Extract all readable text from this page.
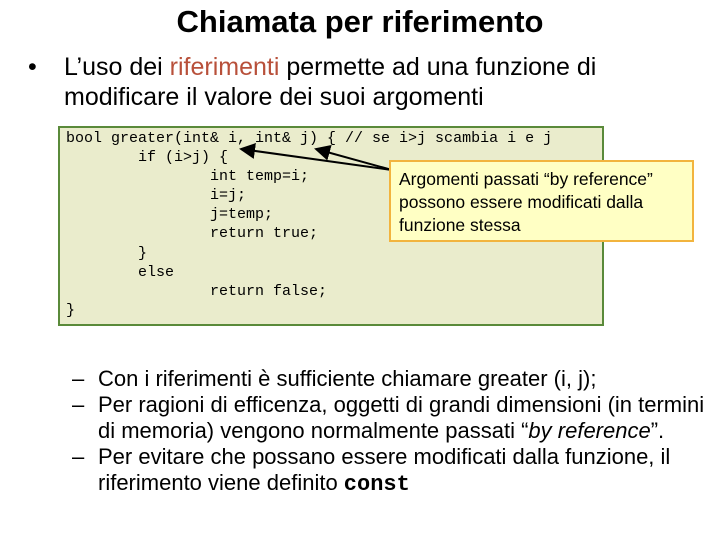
Chiamata per riferimento
•	L’uso dei riferimenti permette ad una funzione di modificare il valore dei suoi argomenti
bool greater(int& i, int& j) { // se i>j scambia i e j
if (i>j) {
int temp=i;
i=j;
j=temp;
return true;
}
else
return false;
}
Argomenti passati “by reference” possono essere modificati dalla funzione stessa
– Con i riferimenti è sufficiente chiamare greater (i, j);
– Per ragioni di efficenza, oggetti di grandi dimensioni (in termini di memoria) vengono normalmente passati “by reference”.
– Per evitare che possano essere modificati dalla funzione, il riferimento viene definito const
